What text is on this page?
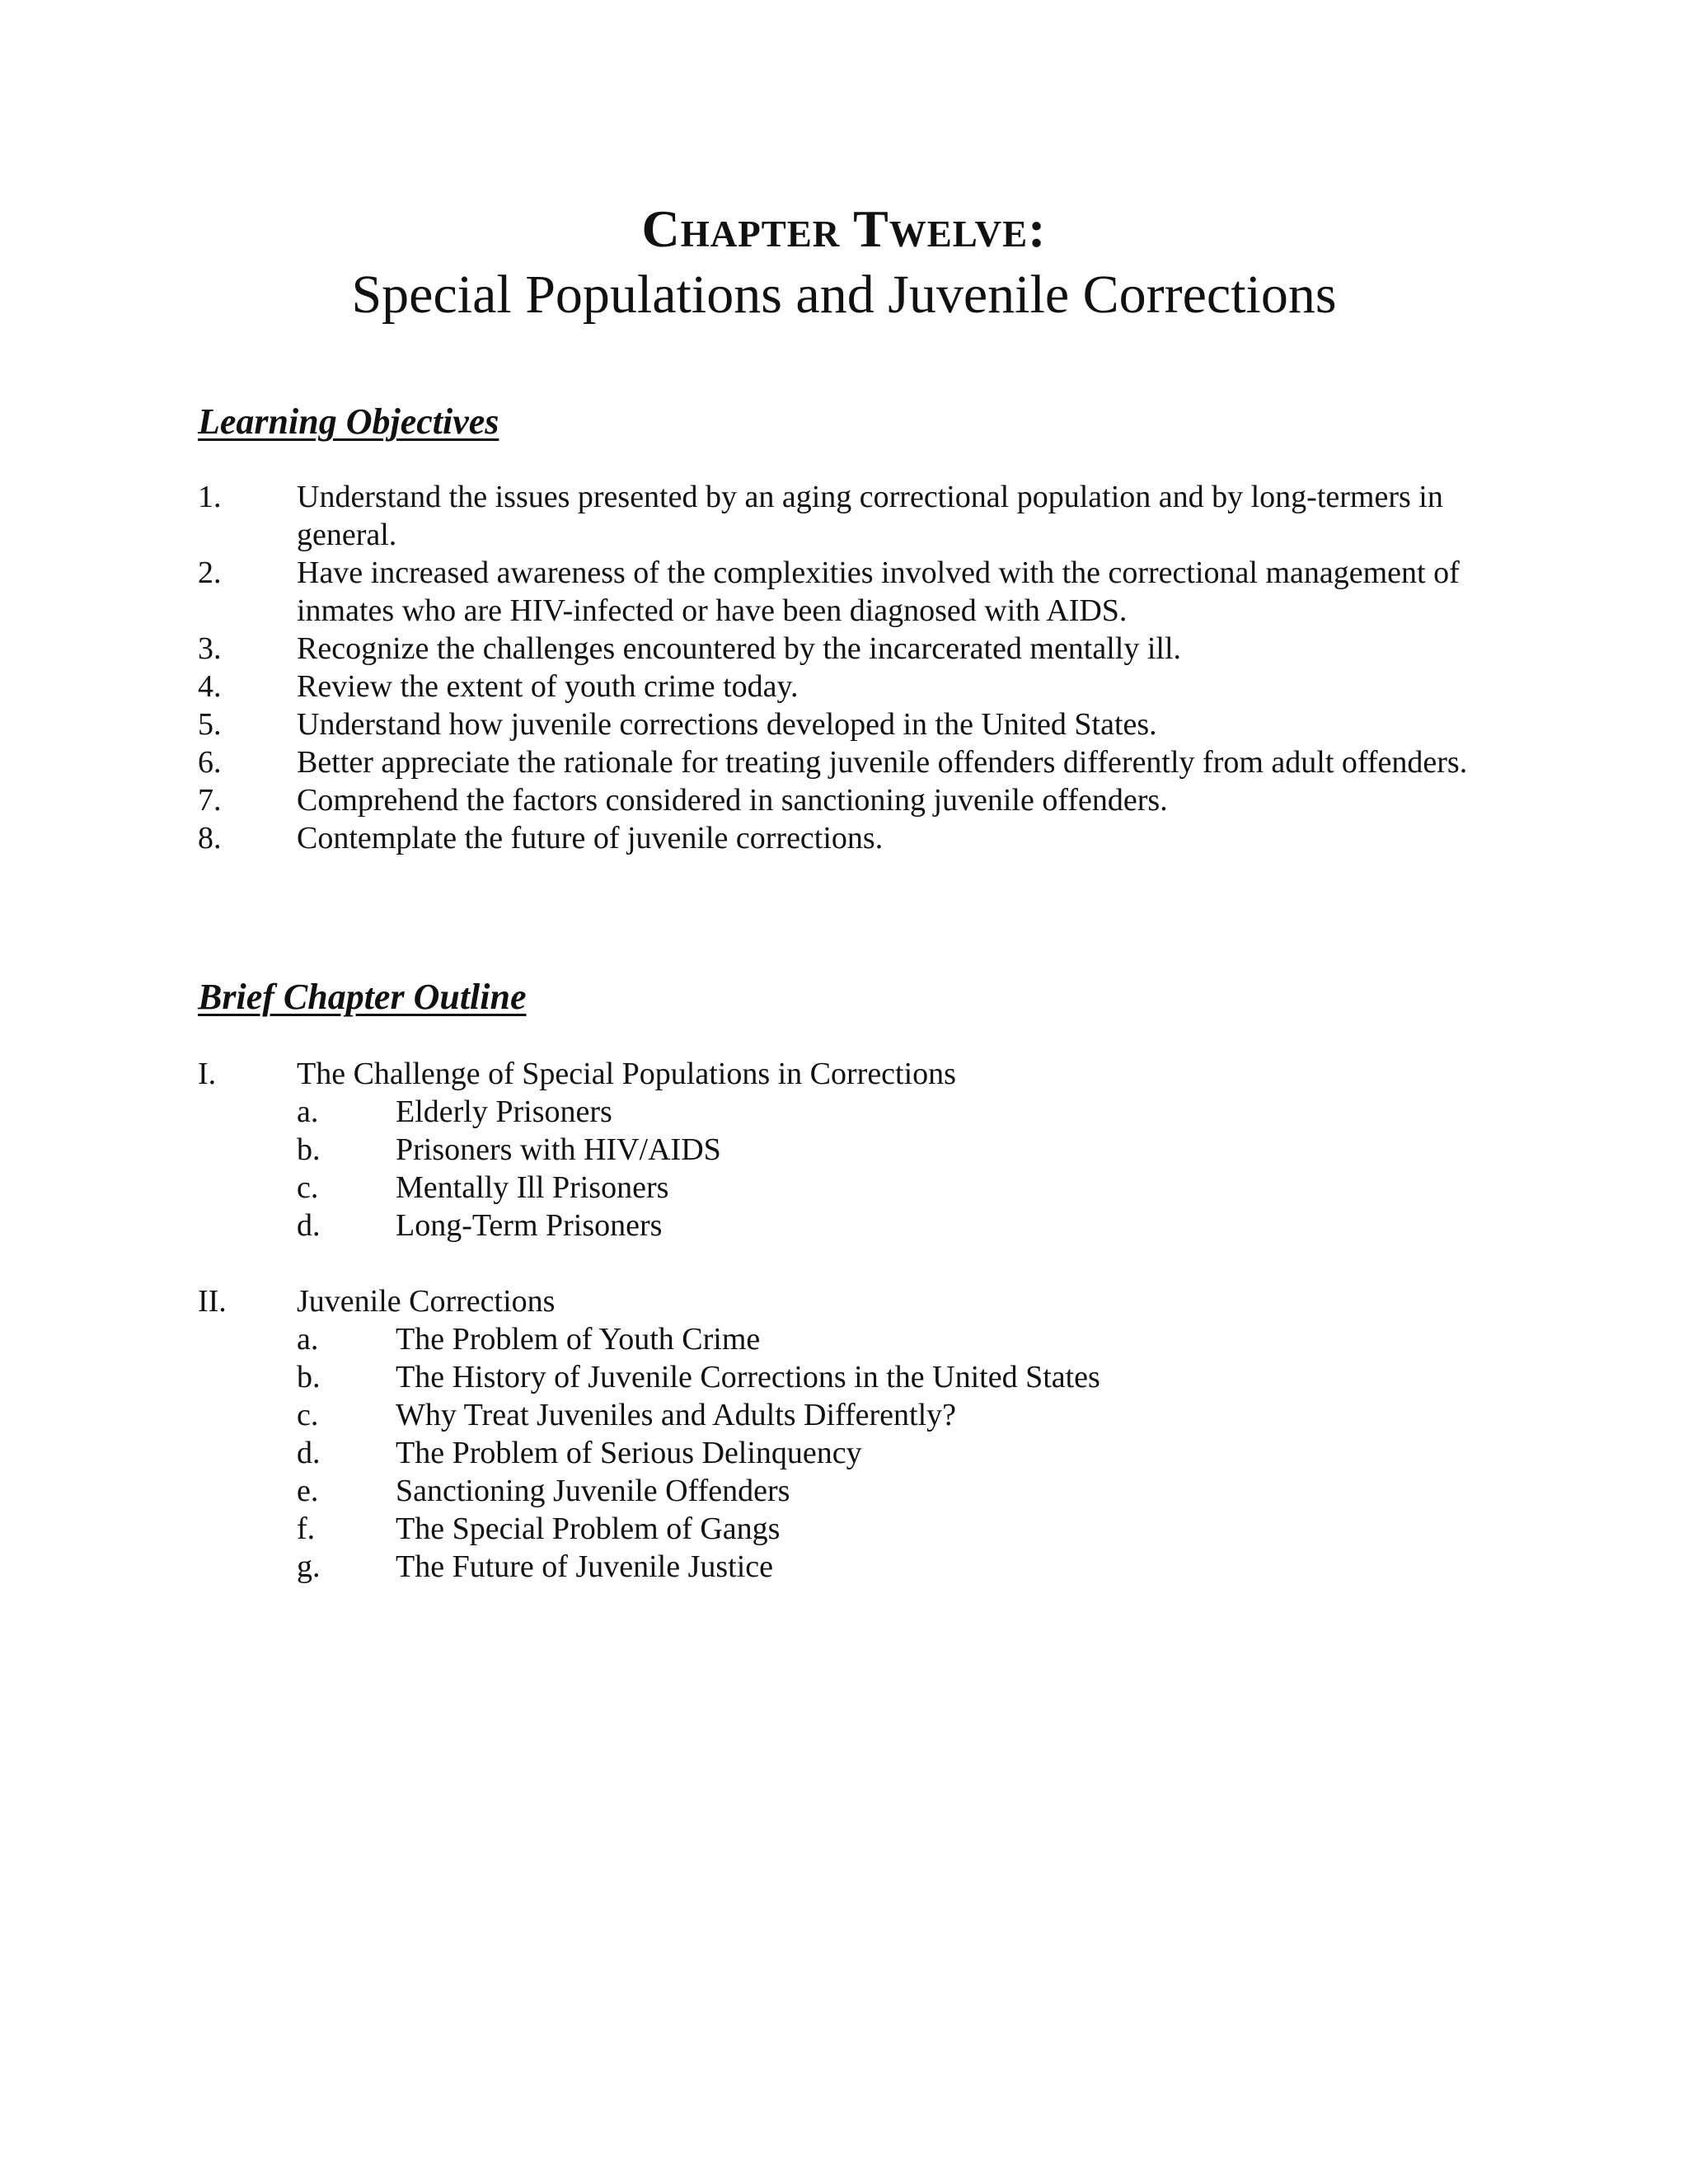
Chapter Twelve:
Special Populations and Juvenile Corrections
Learning Objectives
1.	Understand the issues presented by an aging correctional population and by long-termers in general.
2.	Have increased awareness of the complexities involved with the correctional management of inmates who are HIV-infected or have been diagnosed with AIDS.
3.	Recognize the challenges encountered by the incarcerated mentally ill.
4.	Review the extent of youth crime today.
5.	Understand how juvenile corrections developed in the United States.
6.	Better appreciate the rationale for treating juvenile offenders differently from adult offenders.
7.	Comprehend the factors considered in sanctioning juvenile offenders.
8.	Contemplate the future of juvenile corrections.
Brief Chapter Outline
I.	The Challenge of Special Populations in Corrections
a.	Elderly Prisoners
b.	Prisoners with HIV/AIDS
c.	Mentally Ill Prisoners
d.	Long-Term Prisoners
II.	Juvenile Corrections
a.	The Problem of Youth Crime
b.	The History of Juvenile Corrections in the United States
c.	Why Treat Juveniles and Adults Differently?
d.	The Problem of Serious Delinquency
e.	Sanctioning Juvenile Offenders
f.	The Special Problem of Gangs
g.	The Future of Juvenile Justice
